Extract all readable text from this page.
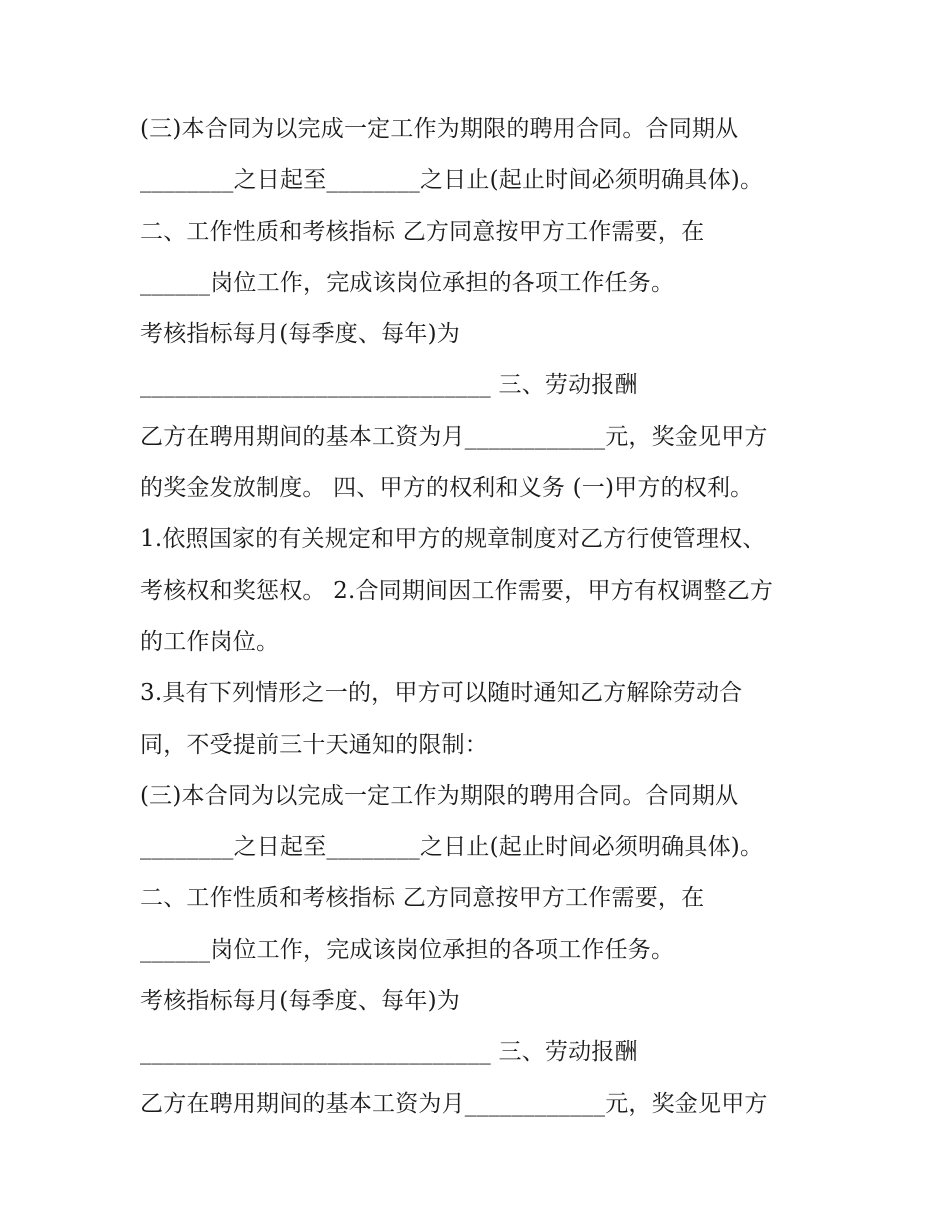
(三)本合同为以完成一定工作为期限的聘用合同。合同期从
________之日起至________之日止(起止时间必须明确具体)。
二、工作性质和考核指标 乙方同意按甲方工作需要，在
______岗位工作，完成该岗位承担的各项工作任务。
考核指标每月(每季度、每年)为
______________________________ 三、劳动报酬
乙方在聘用期间的基本工资为月____________元，奖金见甲方
的奖金发放制度。 四、甲方的权利和义务 (一)甲方的权利。
1.依照国家的有关规定和甲方的规章制度对乙方行使管理权、
考核权和奖惩权。 2.合同期间因工作需要，甲方有权调整乙方
的工作岗位。
3.具有下列情形之一的，甲方可以随时通知乙方解除劳动合
同，不受提前三十天通知的限制：
(三)本合同为以完成一定工作为期限的聘用合同。合同期从
________之日起至________之日止(起止时间必须明确具体)。
二、工作性质和考核指标 乙方同意按甲方工作需要，在
______岗位工作，完成该岗位承担的各项工作任务。
考核指标每月(每季度、每年)为
______________________________ 三、劳动报酬
乙方在聘用期间的基本工资为月____________元，奖金见甲方
